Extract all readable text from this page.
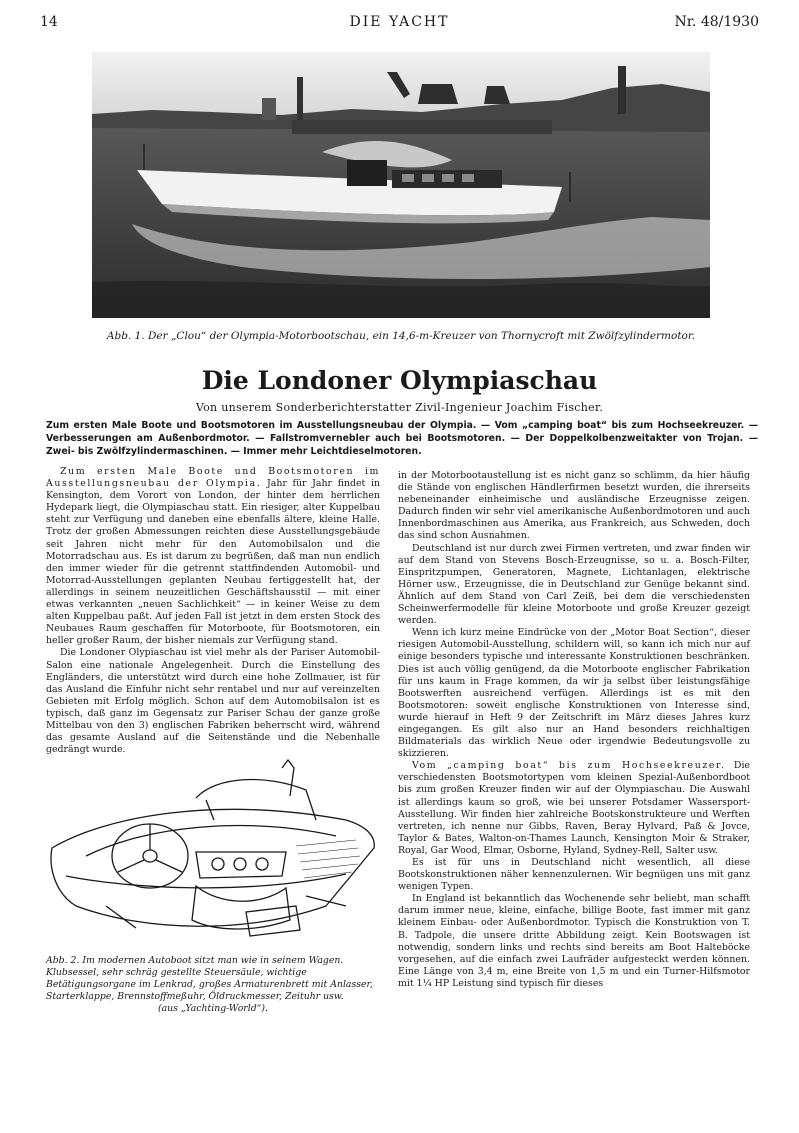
14	DIE YACHT	Nr. 48/1930
Abb. 1. Der „Clou“ der Olympia-Motorbootschau, ein 14,6-m-Kreuzer von Thornycroft mit Zwölfzylindermotor.
Die Londoner Olympiaschau
Von unserem Sonderberichterstatter Zivil-Ingenieur Joachim Fischer.
Zum ersten Male Boote und Bootsmotoren im Ausstellungsneubau der Olympia. — Vom „camping boat“ bis zum Hochseekreuzer. — Verbesserungen am Außenbordmotor. — Fallstromvernebler auch bei Bootsmotoren. — Der Doppelkolbenzweitakter von Trojan. — Zwei- bis Zwölfzylindermaschinen. — Immer mehr Leichtdieselmotoren.

Zum ersten Male Boote und Bootsmotoren im Ausstellungsneubau der Olympia. Jahr für Jahr findet in Kensington, dem Vorort von London, der hinter dem herrlichen Hydepark liegt, die Olympiaschau statt. Ein riesiger, alter Kuppelbau steht zur Verfügung und daneben eine ebenfalls ältere, kleine Halle. Trotz der großen Abmessungen reichten diese Ausstellungsgebäude seit Jahren nicht mehr für den Automobilsalon und die Motorradschau aus. Es ist darum zu begrüßen, daß man nun endlich den immer wieder für die getrennt stattfindenden Automobil- und Motorrad-Ausstellungen geplanten Neubau fertiggestellt hat, der allerdings in seinem neuzeitlichen Geschäftshausstil — mit einer etwas verkannten „neuen Sachlichkeit“ — in keiner Weise zu dem alten Kuppelbau paßt. Auf jeden Fall ist jetzt in dem ersten Stock des Neubaues Raum geschaffen für Motorboote, für Bootsmotoren, ein heller großer Raum, der bisher niemals zur Verfügung stand.

Die Londoner Olypiaschau ist viel mehr als der Pariser Automobil-Salon eine nationale Angelegenheit. Durch die Einstellung des Engländers, die unterstützt wird durch eine hohe Zollmauer, ist für das Ausland die Einfuhr nicht sehr rentabel und nur auf vereinzelten Gebieten mit Erfolg möglich. Schon auf dem Automobilsalon ist es typisch, daß ganz im Gegensatz zur Pariser Schau der ganze große Mittelbau von den 3) englischen Fabriken beherrscht wird, während das gesamte Ausland auf die Seitenstände und die Nebenhalle gedrängt wurde.

Abb. 2. Im modernen Autoboot sitzt man wie in seinem Wagen. Klubsessel, sehr schräg gestellte Steuersäule, wichtige Betätigungsorgane im Lenkrad, großes Armaturenbrett mit Anlasser, Starterklappe, Brennstoffmeßuhr, Öldruckmesser, Zeituhr usw.

(aus „Yachting-World“).

in der Motorbootaustellung ist es nicht ganz so schlimm, da hier häufig die Stände von englischen Händlerfirmen besetzt wurden, die ihrerseits nebeneinander einheimische und ausländische Erzeugnisse zeigen. Dadurch finden wir sehr viel amerikanische Außenbordmotoren und auch Innenbordmaschinen aus Amerika, aus Frankreich, aus Schweden, doch das sind schon Ausnahmen.

Deutschland ist nur durch zwei Firmen vertreten, und zwar finden wir auf dem Stand von Stevens Bosch-Erzeugnisse, so u. a. Bosch-Filter, Einspritzpumpen, Generatoren, Magnete, Lichtanlagen, elektrische Hörner usw., Erzeugnisse, die in Deutschland zur Genüge bekannt sind. Ähnlich auf dem Stand von Carl Zeiß, bei dem die verschiedensten Scheinwerfermodelle für kleine Motorboote und große Kreuzer gezeigt werden.

Wenn ich kurz meine Eindrücke von der „Motor Boat Section“, dieser riesigen Automobil-Ausstellung, schildern will, so kann ich mich nur auf einige besonders typische und interessante Konstruktionen beschränken. Dies ist auch völlig genügend, da die Motorboote englischer Fabrikation für uns kaum in Frage kommen, da wir ja selbst über leistungsfähige Bootswerften ausreichend verfügen. Allerdings ist es mit den Bootsmotoren: soweit englische Konstruktionen von Interesse sind, wurde hierauf in Heft 9 der Zeitschrift im März dieses Jahres kurz eingegangen. Es gilt also nur an Hand besonders reichhaltigen Bildmaterials das wirklich Neue oder irgendwie Bedeutungsvolle zu skizzieren.

Vom „camping boat“ bis zum Hochseekreuzer. Die verschiedensten Bootsmotortypen vom kleinen Spezial-Außenbordboot bis zum großen Kreuzer finden wir auf der Olympiaschau. Die Auswahl ist allerdings kaum so groß, wie bei unserer Potsdamer Wassersport-Ausstellung. Wir finden hier zahlreiche Bootskonstrukteure und Werften vertreten, ich nenne nur Gibbs, Raven, Beray Hylvard, Paß & Jovce, Taylor & Bates, Walton-on-Thames Launch, Kensington Moir & Straker, Royal, Gar Wood, Elmar, Osborne, Hyland, Sydney-Rell, Salter usw.

Es ist für uns in Deutschland nicht wesentlich, all diese Bootskonstruktionen näher kennenzulernen. Wir begnügen uns mit ganz wenigen Typen.

In England ist bekanntlich das Wochenende sehr beliebt, man schafft darum immer neue, kleine, einfache, billige Boote, fast immer mit ganz kleinem Einbau- oder Außenbordmotor. Typisch die Konstruktion von T. B. Tadpole, die unsere dritte Abbildung zeigt. Kein Bootswagen ist notwendig, sondern links und rechts sind bereits am Boot Halteböcke vorgesehen, auf die einfach zwei Laufräder aufgesteckt werden können. Eine Länge von 3,4 m, eine Breite von 1,5 m und ein Turner-Hilfsmotor mit 1¼ HP Leistung sind typisch für dieses
